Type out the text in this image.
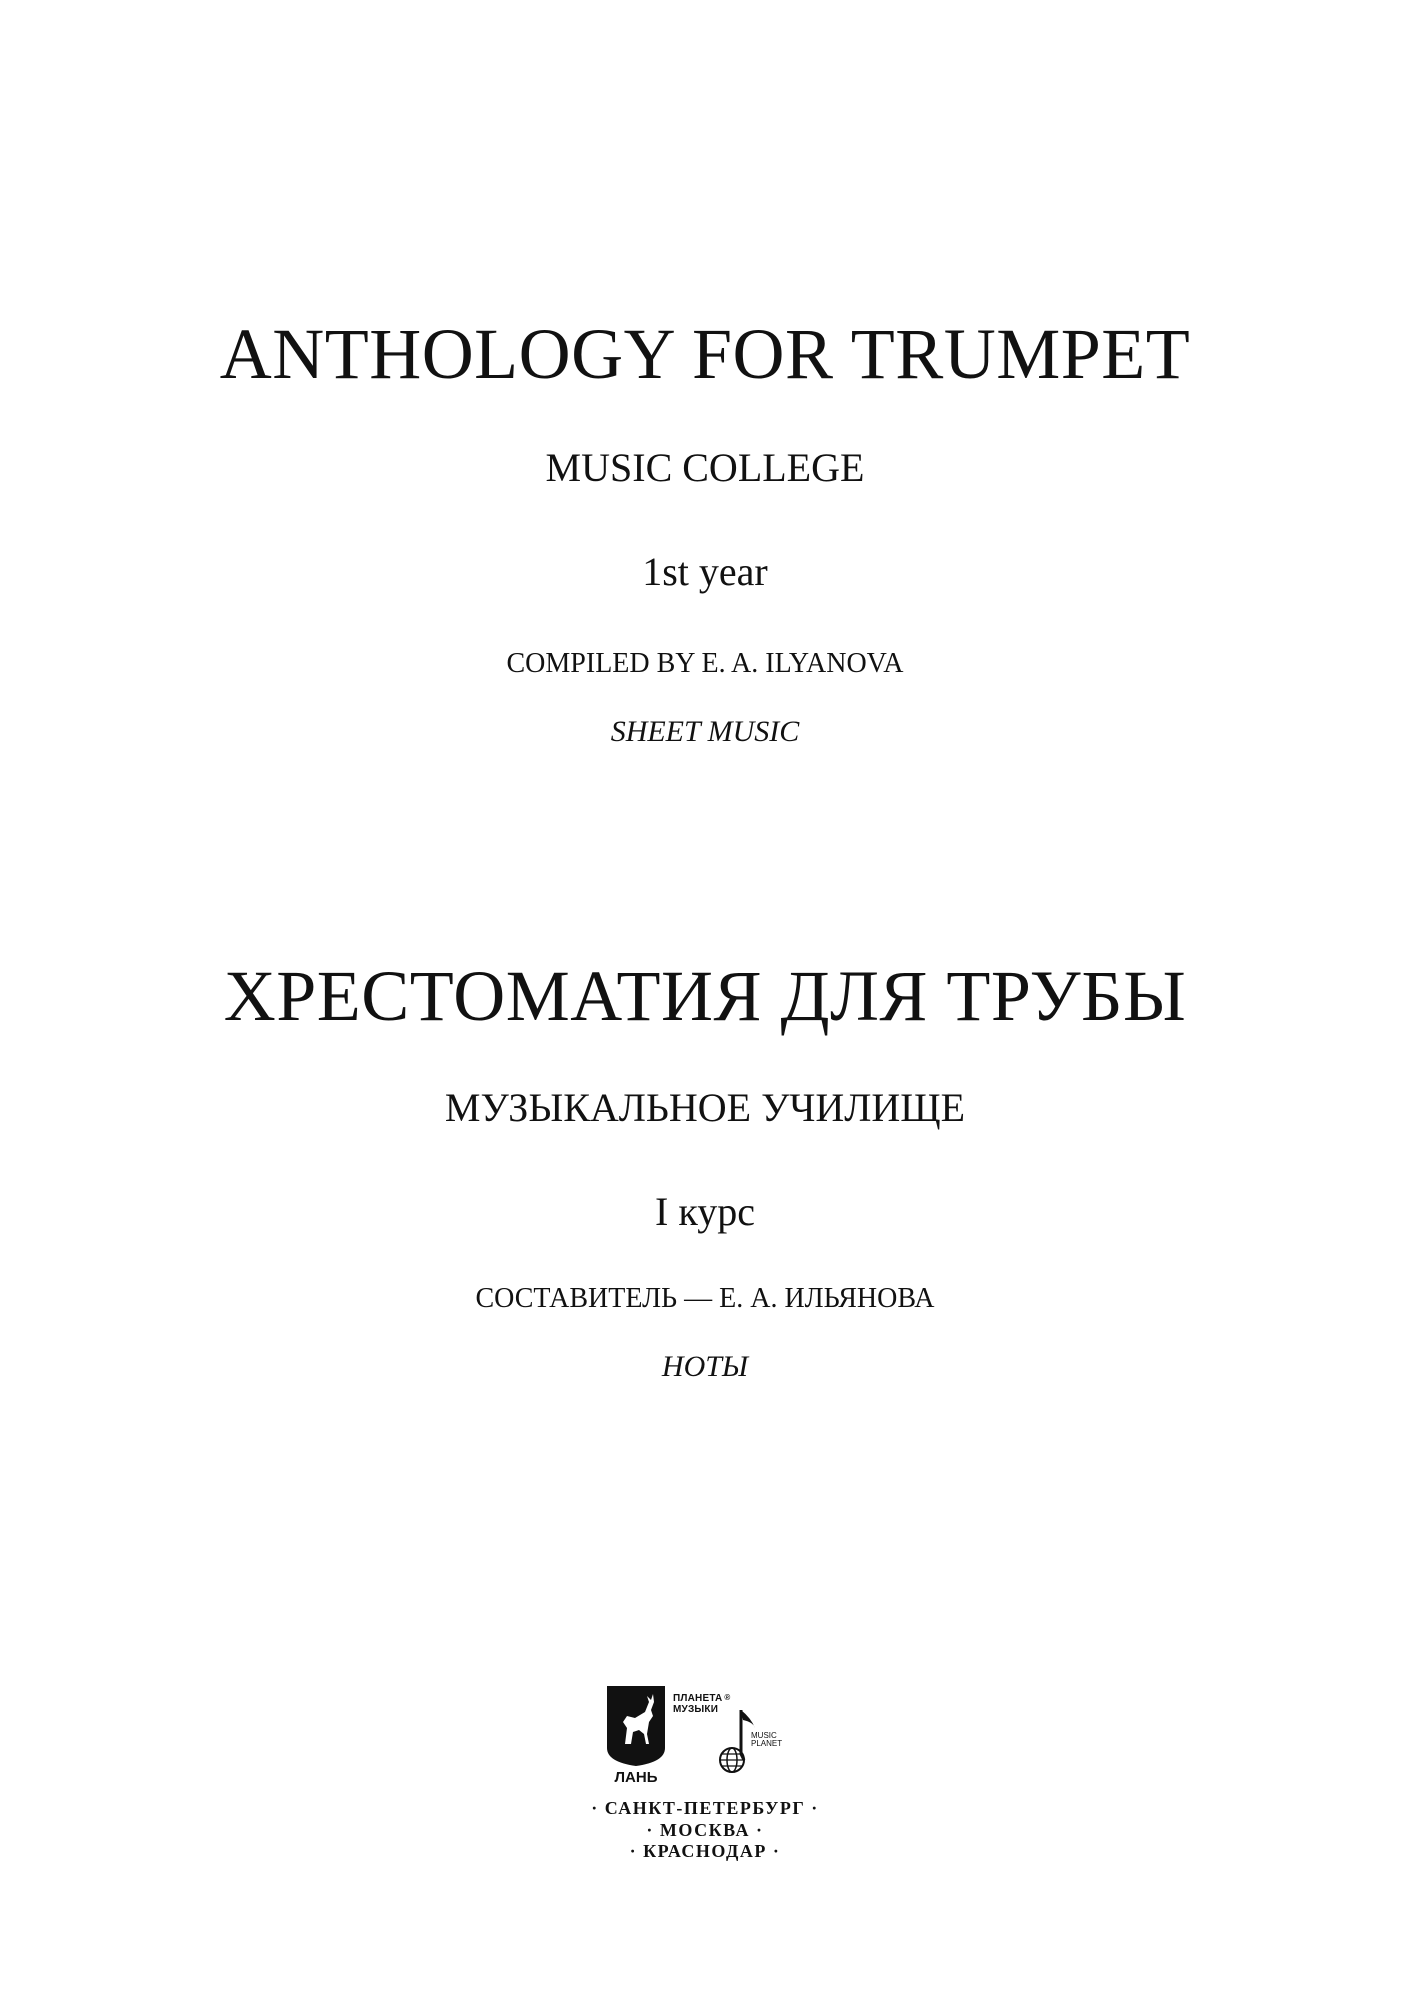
ANTHOLOGY FOR TRUMPET
MUSIC COLLEGE
1st year
COMPILED BY E. A. ILYANOVA
SHEET MUSIC
ХРЕСТОМАТИЯ ДЛЯ ТРУБЫ
МУЗЫКАЛЬНОЕ УЧИЛИЩЕ
I курс
СОСТАВИТЕЛЬ — Е. А. ИЛЬЯНОВА
НОТЫ
ЛАНЬ
ПЛАНЕТА ®
МУЗЫКИ
MUSIC
PLANET
· САНКТ-ПЕТЕРБУРГ ·
· МОСКВА ·
· КРАСНОДАР ·
